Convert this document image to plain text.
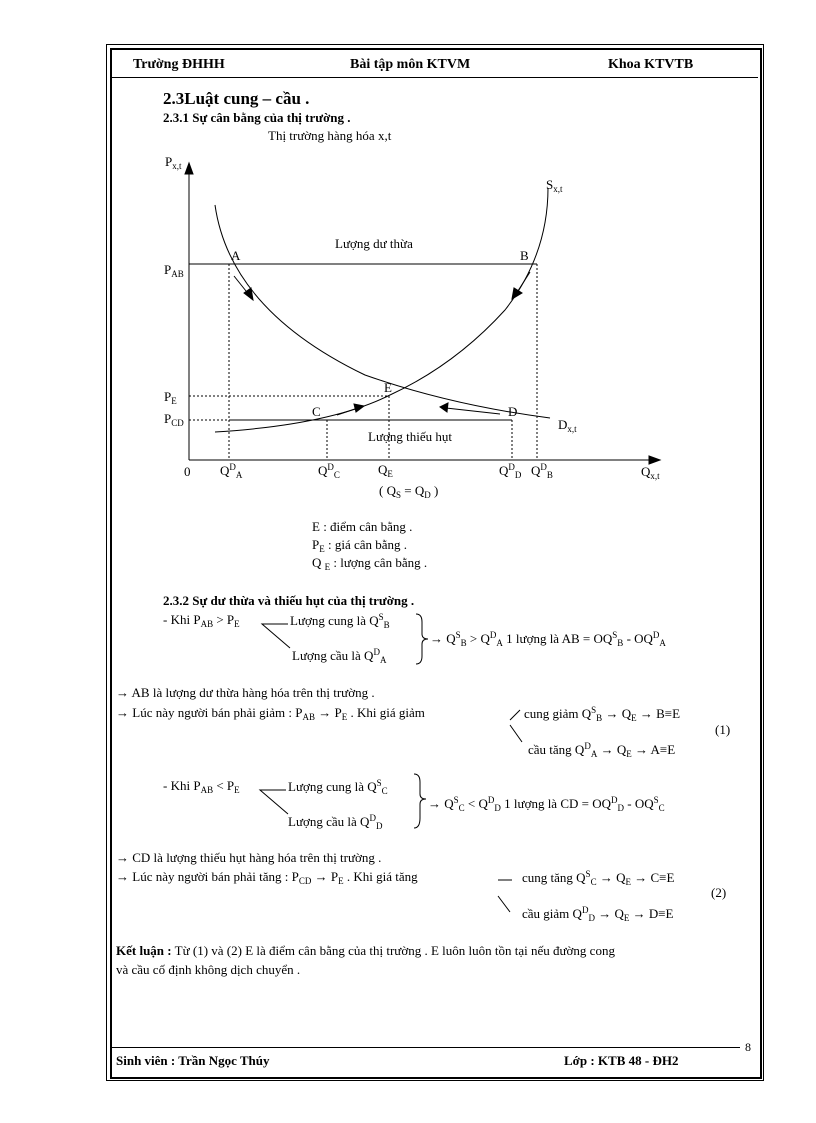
Trường ĐHHH	Bài tập môn KTVM	Khoa KTVTB
2.3Luật cung – cầu .
2.3.1 Sự cân bằng của thị trường .
Thị trường hàng hóa x,t
$P_{x,t}$
$S_{x,t}$
$D_{x,t}$
Lượng dư thừa
Lượng thiếu hụt
A	B
C	D
E
$P_{AB}$
$P_E$
$P_{CD}$
0 $Q^D_A$	$Q^D_C$	$Q_E$	$Q^D_D$ $Q^D_B$	$Q_{x,t}$
( $Q_S = Q_D$ )
E : điểm cân bằng .
$P_E$ : giá cân bằng .
Q $_E$ : lượng cân bằng .
2.3.2 Sự dư thừa và thiếu hụt của thị trường .
- Khi $P_{AB} > P_E$	Lượng cung là $Q^S_B$
Lượng cầu là $Q^D_A$
→ $Q^S_B > Q^D_A$ 1 lượng là AB = $OQ^S_B - OQ^D_A$
→ AB là lượng dư thừa hàng hóa trên thị trường .
→ Lúc này người bán phải giảm : $P_{AB} \to P_E$ . Khi giá giảm	cung giảm $Q^S_B \to Q_E \to B\equiv E$
(1)
cầu tăng $Q^D_A \to Q_E \to A\equiv E$
- Khi $P_{AB} < P_E$	Lượng cung là $Q^S_C$
Lượng cầu là $Q^D_D$
→ $Q^S_C < Q^D_D$ 1 lượng là CD = $OQ^D_D - OQ^S_C$
→ CD là lượng thiếu hụt hàng hóa trên thị trường .
→ Lúc này người bán phải tăng : $P_{CD} \to P_E$ . Khi giá tăng	cung tăng $Q^S_C \to Q_E \to C\equiv E$
(2)
cầu giảm $Q^D_D \to Q_E \to D\equiv E$
Kết luận : Từ (1) và (2) E là điểm cân bằng của thị trường . E luôn luôn tồn tại nếu đường cong
và cầu cố định không dịch chuyển .
8
Sinh viên : Trần Ngọc Thúy	Lớp : KTB 48 - ĐH2
